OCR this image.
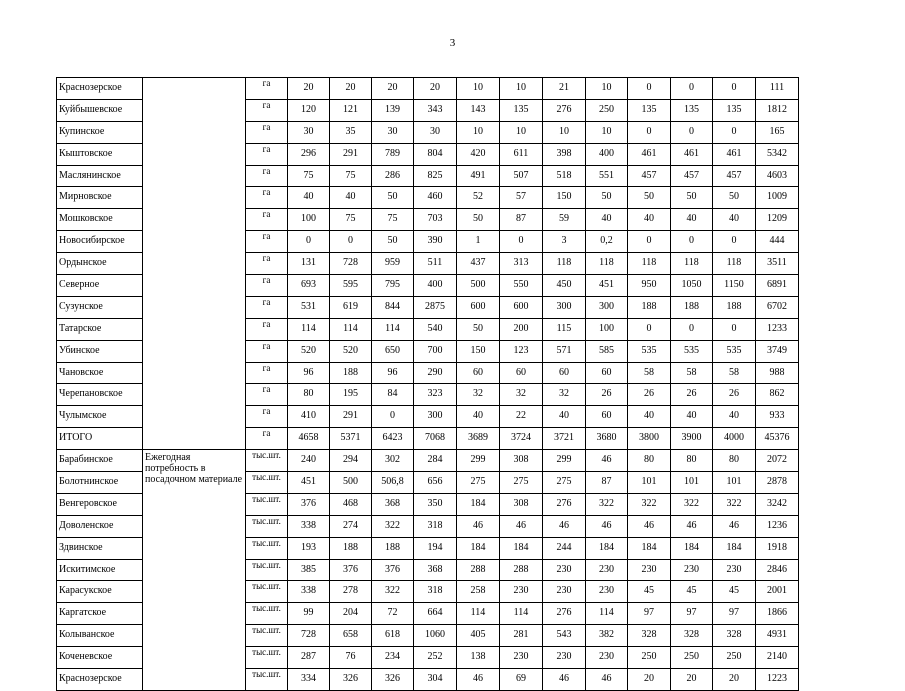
3
Краснозерское		га	20	20	20	20	10	10	21	10	0	0	0	111
Куйбышевское		га	120	121	139	343	143	135	276	250	135	135	135	1812
Купинское		га	30	35	30	30	10	10	10	10	0	0	0	165
Кыштовское		га	296	291	789	804	420	611	398	400	461	461	461	5342
Маслянинское		га	75	75	286	825	491	507	518	551	457	457	457	4603
Мирновское		га	40	40	50	460	52	57	150	50	50	50	50	1009
Мошковское		га	100	75	75	703	50	87	59	40	40	40	40	1209
Новосибирское		га	0	0	50	390	1	0	3	0,2	0	0	0	444
Ордынское		га	131	728	959	511	437	313	118	118	118	118	118	3511
Северное		га	693	595	795	400	500	550	450	451	950	1050	1150	6891
Сузунское		га	531	619	844	2875	600	600	300	300	188	188	188	6702
Татарское		га	114	114	114	540	50	200	115	100	0	0	0	1233
Убинское		га	520	520	650	700	150	123	571	585	535	535	535	3749
Чановское		га	96	188	96	290	60	60	60	60	58	58	58	988
Черепановское		га	80	195	84	323	32	32	32	26	26	26	26	862
Чулымское		га	410	291	0	300	40	22	40	60	40	40	40	933
ИТОГО		га	4658	5371	6423	7068	3689	3724	3721	3680	3800	3900	4000	45376
Барабинское	Ежегодная потребность в посадочном материале	тыс.шт.	240	294	302	284	299	308	299	46	80	80	80	2072
Болотнинское		тыс.шт.	451	500	506,8	656	275	275	275	87	101	101	101	2878
Венгеровское		тыс.шт.	376	468	368	350	184	308	276	322	322	322	322	3242
Доволенское		тыс.шт.	338	274	322	318	46	46	46	46	46	46	46	1236
Здвинское		тыс.шт.	193	188	188	194	184	184	244	184	184	184	184	1918
Искитимское		тыс.шт.	385	376	376	368	288	288	230	230	230	230	230	2846
Карасукское		тыс.шт.	338	278	322	318	258	230	230	230	45	45	45	2001
Каргатское		тыс.шт.	99	204	72	664	114	114	276	114	97	97	97	1866
Колыванское		тыс.шт.	728	658	618	1060	405	281	543	382	328	328	328	4931
Коченевское		тыс.шт.	287	76	234	252	138	230	230	230	250	250	250	2140
Краснозерское		тыс.шт.	334	326	326	304	46	69	46	46	20	20	20	1223
